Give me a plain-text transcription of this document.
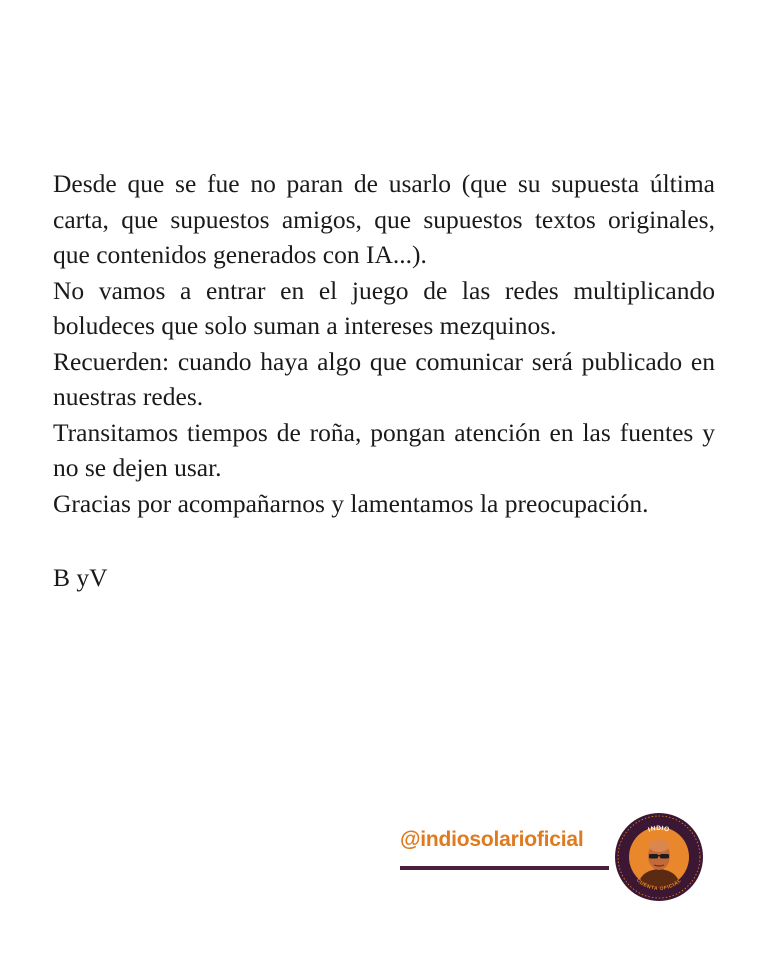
Desde que se fue no paran de usarlo (que su supuesta última carta, que supuestos amigos, que supuestos textos originales, que contenidos generados con IA...).

No vamos a entrar en el juego de las redes multiplicando boludeces que solo suman a intereses mezquinos.

Recuerden: cuando haya algo que comunicar será publicado en nuestras redes.

Transitamos tiempos de roña, pongan atención en las fuentes y no se dejen usar.

Gracias por acompañarnos y lamentamos la preocupación.

B yV

@indiosolarioficial	INDIO
CUENTA OFICIAL
